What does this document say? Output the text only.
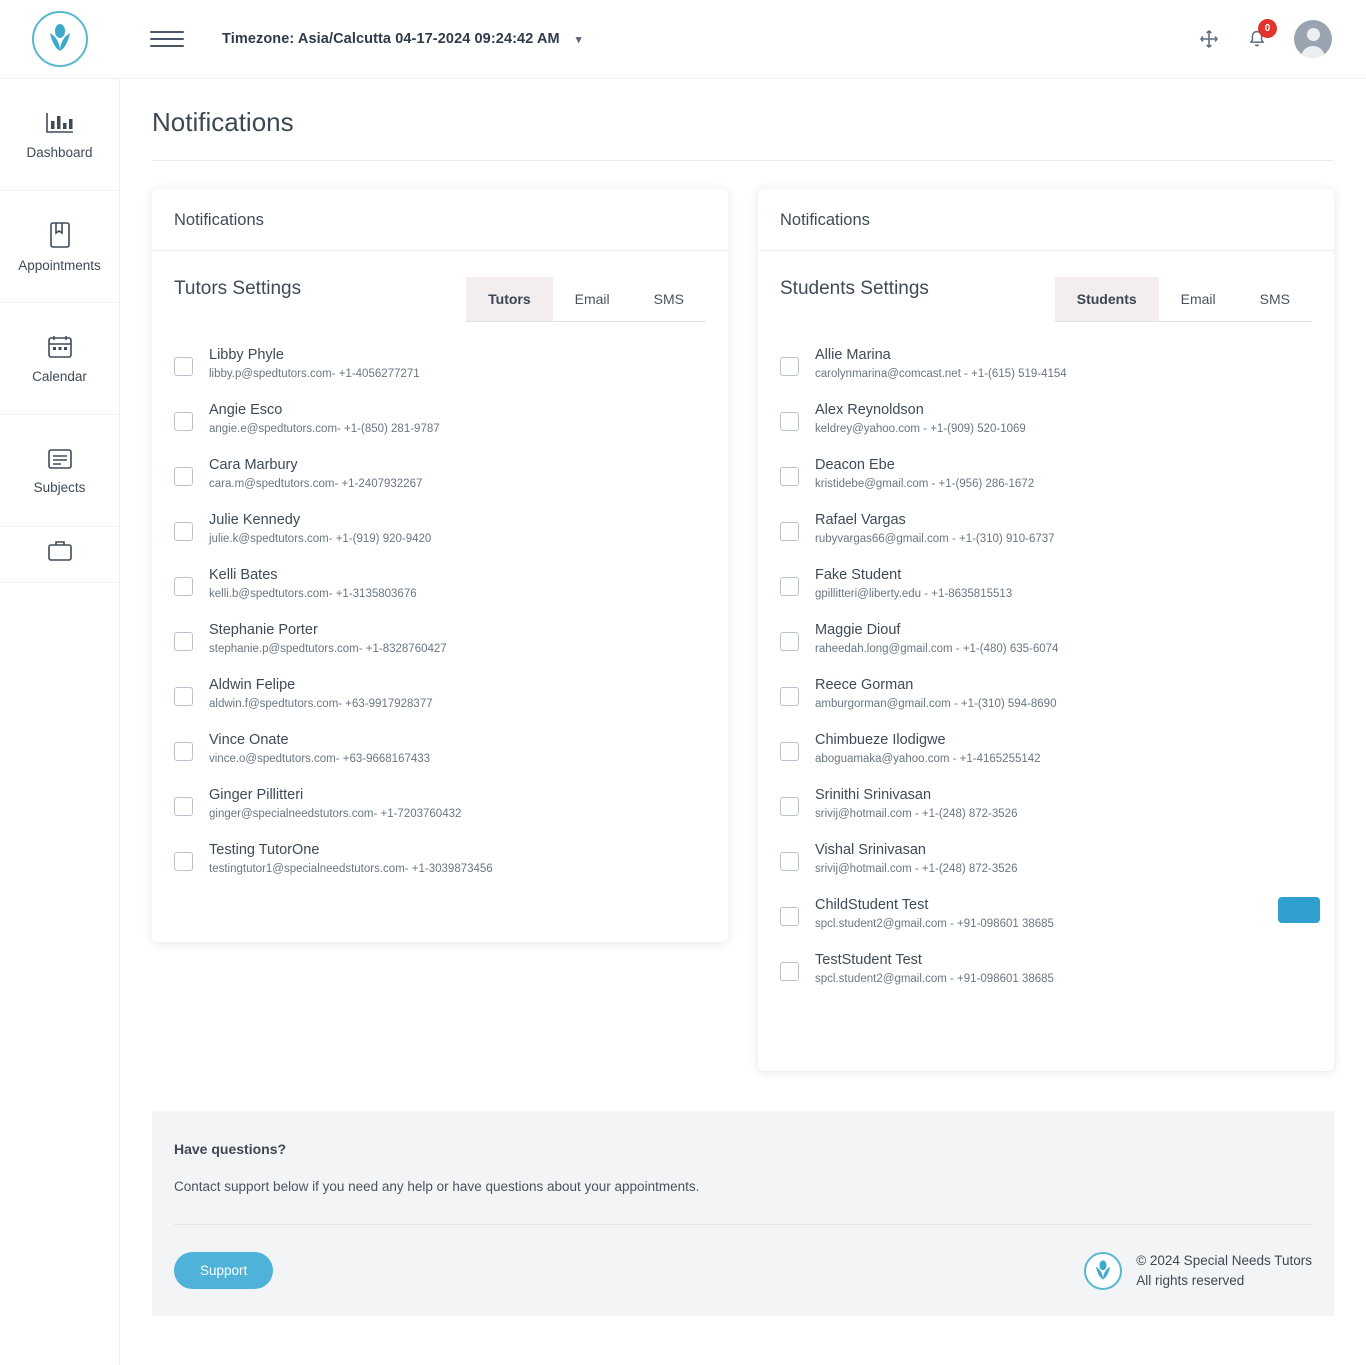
Timezone: Asia/Calcutta 04-17-2024 09:24:42 AM ▾
0
Dashboard
Appointments
Calendar
Subjects
Notifications
Notifications
Tutors Settings	Tutors	Email	SMS
Libby Phyle
libby.p@spedtutors.com- +1-4056277271
Angie Esco
angie.e@spedtutors.com- +1-(850) 281-9787
Cara Marbury
cara.m@spedtutors.com- +1-2407932267
Julie Kennedy
julie.k@spedtutors.com- +1-(919) 920-9420
Kelli Bates
kelli.b@spedtutors.com- +1-3135803676
Stephanie Porter
stephanie.p@spedtutors.com- +1-8328760427
Aldwin Felipe
aldwin.f@spedtutors.com- +63-9917928377
Vince Onate
vince.o@spedtutors.com- +63-9668167433
Ginger Pillitteri
ginger@specialneedstutors.com- +1-7203760432
Testing TutorOne
testingtutor1@specialneedstutors.com- +1-3039873456
Notifications
Students Settings	Students	Email	SMS
Allie Marina
carolynmarina@comcast.net - +1-(615) 519-4154
Alex Reynoldson
keldrey@yahoo.com - +1-(909) 520-1069
Deacon Ebe
kristidebe@gmail.com - +1-(956) 286-1672
Rafael Vargas
rubyvargas66@gmail.com - +1-(310) 910-6737
Fake Student
gpillitteri@liberty.edu - +1-8635815513
Maggie Diouf
raheedah.long@gmail.com - +1-(480) 635-6074
Reece Gorman
amburgorman@gmail.com - +1-(310) 594-8690
Chimbueze Ilodigwe
aboguamaka@yahoo.com - +1-4165255142
Srinithi Srinivasan
srivij@hotmail.com - +1-(248) 872-3526
Vishal Srinivasan
srivij@hotmail.com - +1-(248) 872-3526
ChildStudent Test
spcl.student2@gmail.com - +91-098601 38685
TestStudent Test
spcl.student2@gmail.com - +91-098601 38685
Have questions?
Contact support below if you need any help or have questions about your appointments.
Support
© 2024 Special Needs Tutors
All rights reserved
